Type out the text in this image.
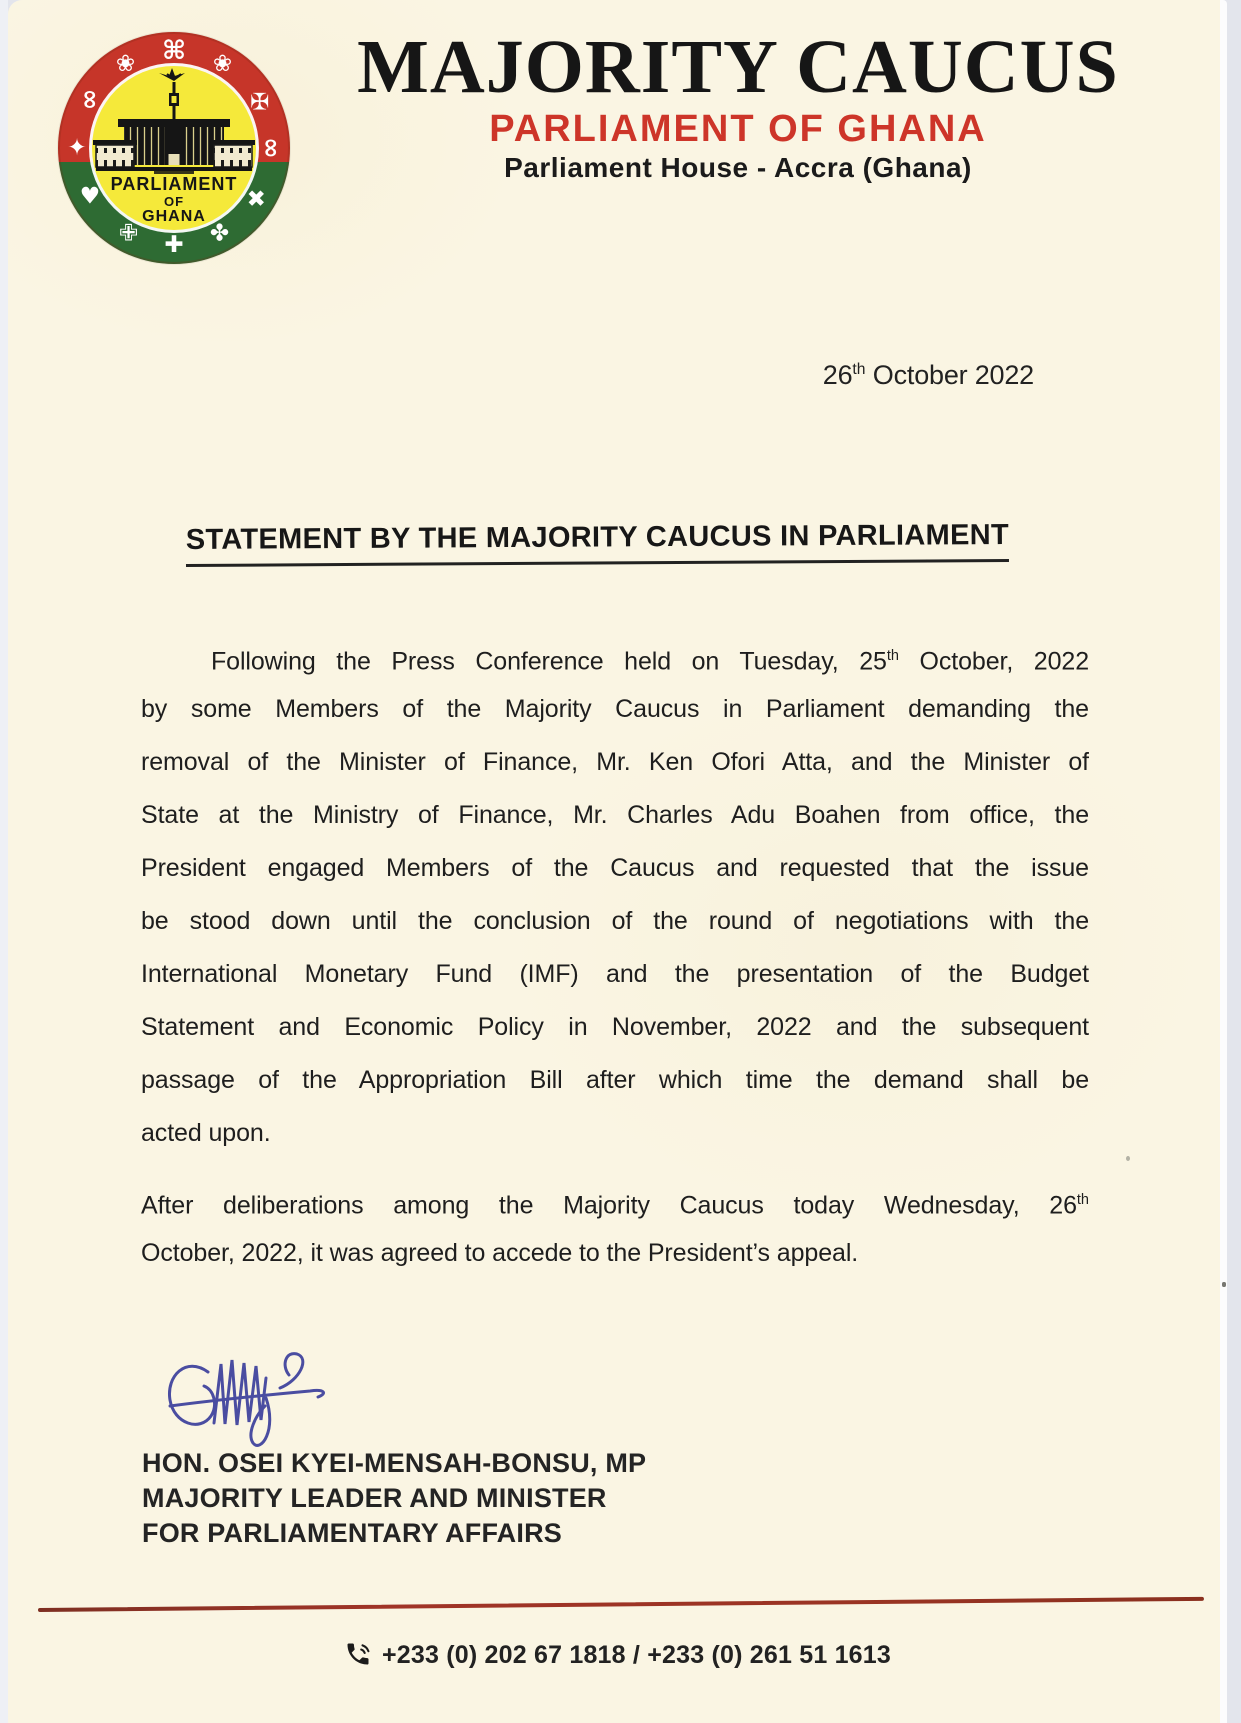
⌘ ❀
✠
∞
✖
✤
✚
✙
♥
✦
∞
❀
PARLIAMENT
OF
GHANA
MAJORITY CAUCUS
PARLIAMENT OF GHANA
Parliament House - Accra (Ghana)
26th October 2022
STATEMENT BY THE MAJORITY CAUCUS IN PARLIAMENT
Following the Press Conference held on Tuesday, 25th October, 2022
by some Members of the Majority Caucus in Parliament demanding the
removal of the Minister of Finance, Mr. Ken Ofori Atta, and the Minister of
State at the Ministry of Finance, Mr. Charles Adu Boahen from office, the
President engaged Members of the Caucus and requested that the issue
be stood down until the conclusion of the round of negotiations with the
International Monetary Fund (IMF) and the presentation of the Budget
Statement and Economic Policy in November, 2022 and the subsequent
passage of the Appropriation Bill after which time the demand shall be
acted upon.
After deliberations among the Majority Caucus today Wednesday, 26th
October, 2022, it was agreed to accede to the President’s appeal.
HON. OSEI KYEI-MENSAH-BONSU, MP
MAJORITY LEADER AND MINISTER
FOR PARLIAMENTARY AFFAIRS
+233 (0) 202 67 1818 / +233 (0) 261 51 1613
